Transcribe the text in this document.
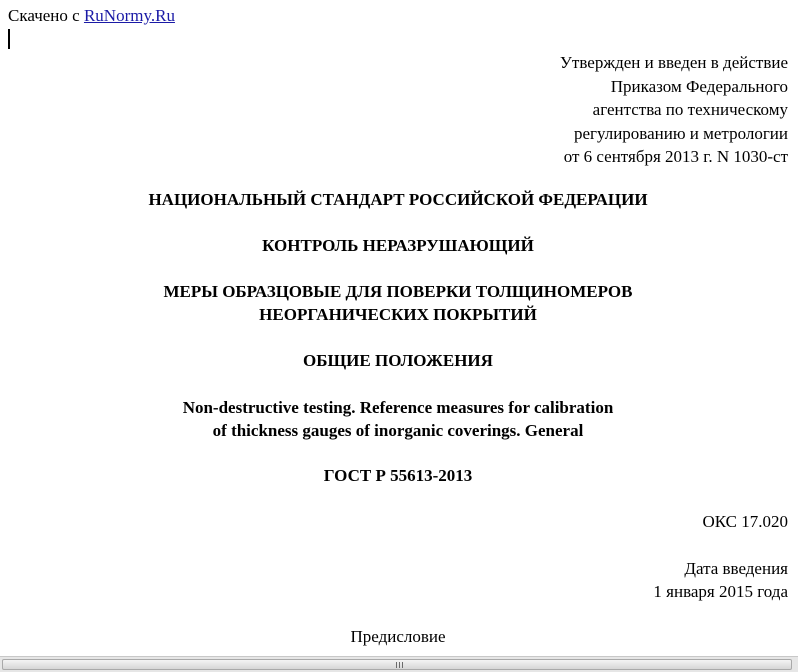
Скачено с RuNormy.Ru
Утвержден и введен в действие
Приказом Федерального
агентства по техническому
регулированию и метрологии
от 6 сентября 2013 г. N 1030-ст
НАЦИОНАЛЬНЫЙ СТАНДАРТ РОССИЙСКОЙ ФЕДЕРАЦИИ
КОНТРОЛЬ НЕРАЗРУШАЮЩИЙ
МЕРЫ ОБРАЗЦОВЫЕ ДЛЯ ПОВЕРКИ ТОЛЩИНОМЕРОВ
НЕОРГАНИЧЕСКИХ ПОКРЫТИЙ
ОБЩИЕ ПОЛОЖЕНИЯ
Non-destructive testing. Reference measures for calibration
of thickness gauges of inorganic coverings. General
ГОСТ Р 55613-2013
ОКС 17.020
Дата введения
1 января 2015 года
Предисловие
